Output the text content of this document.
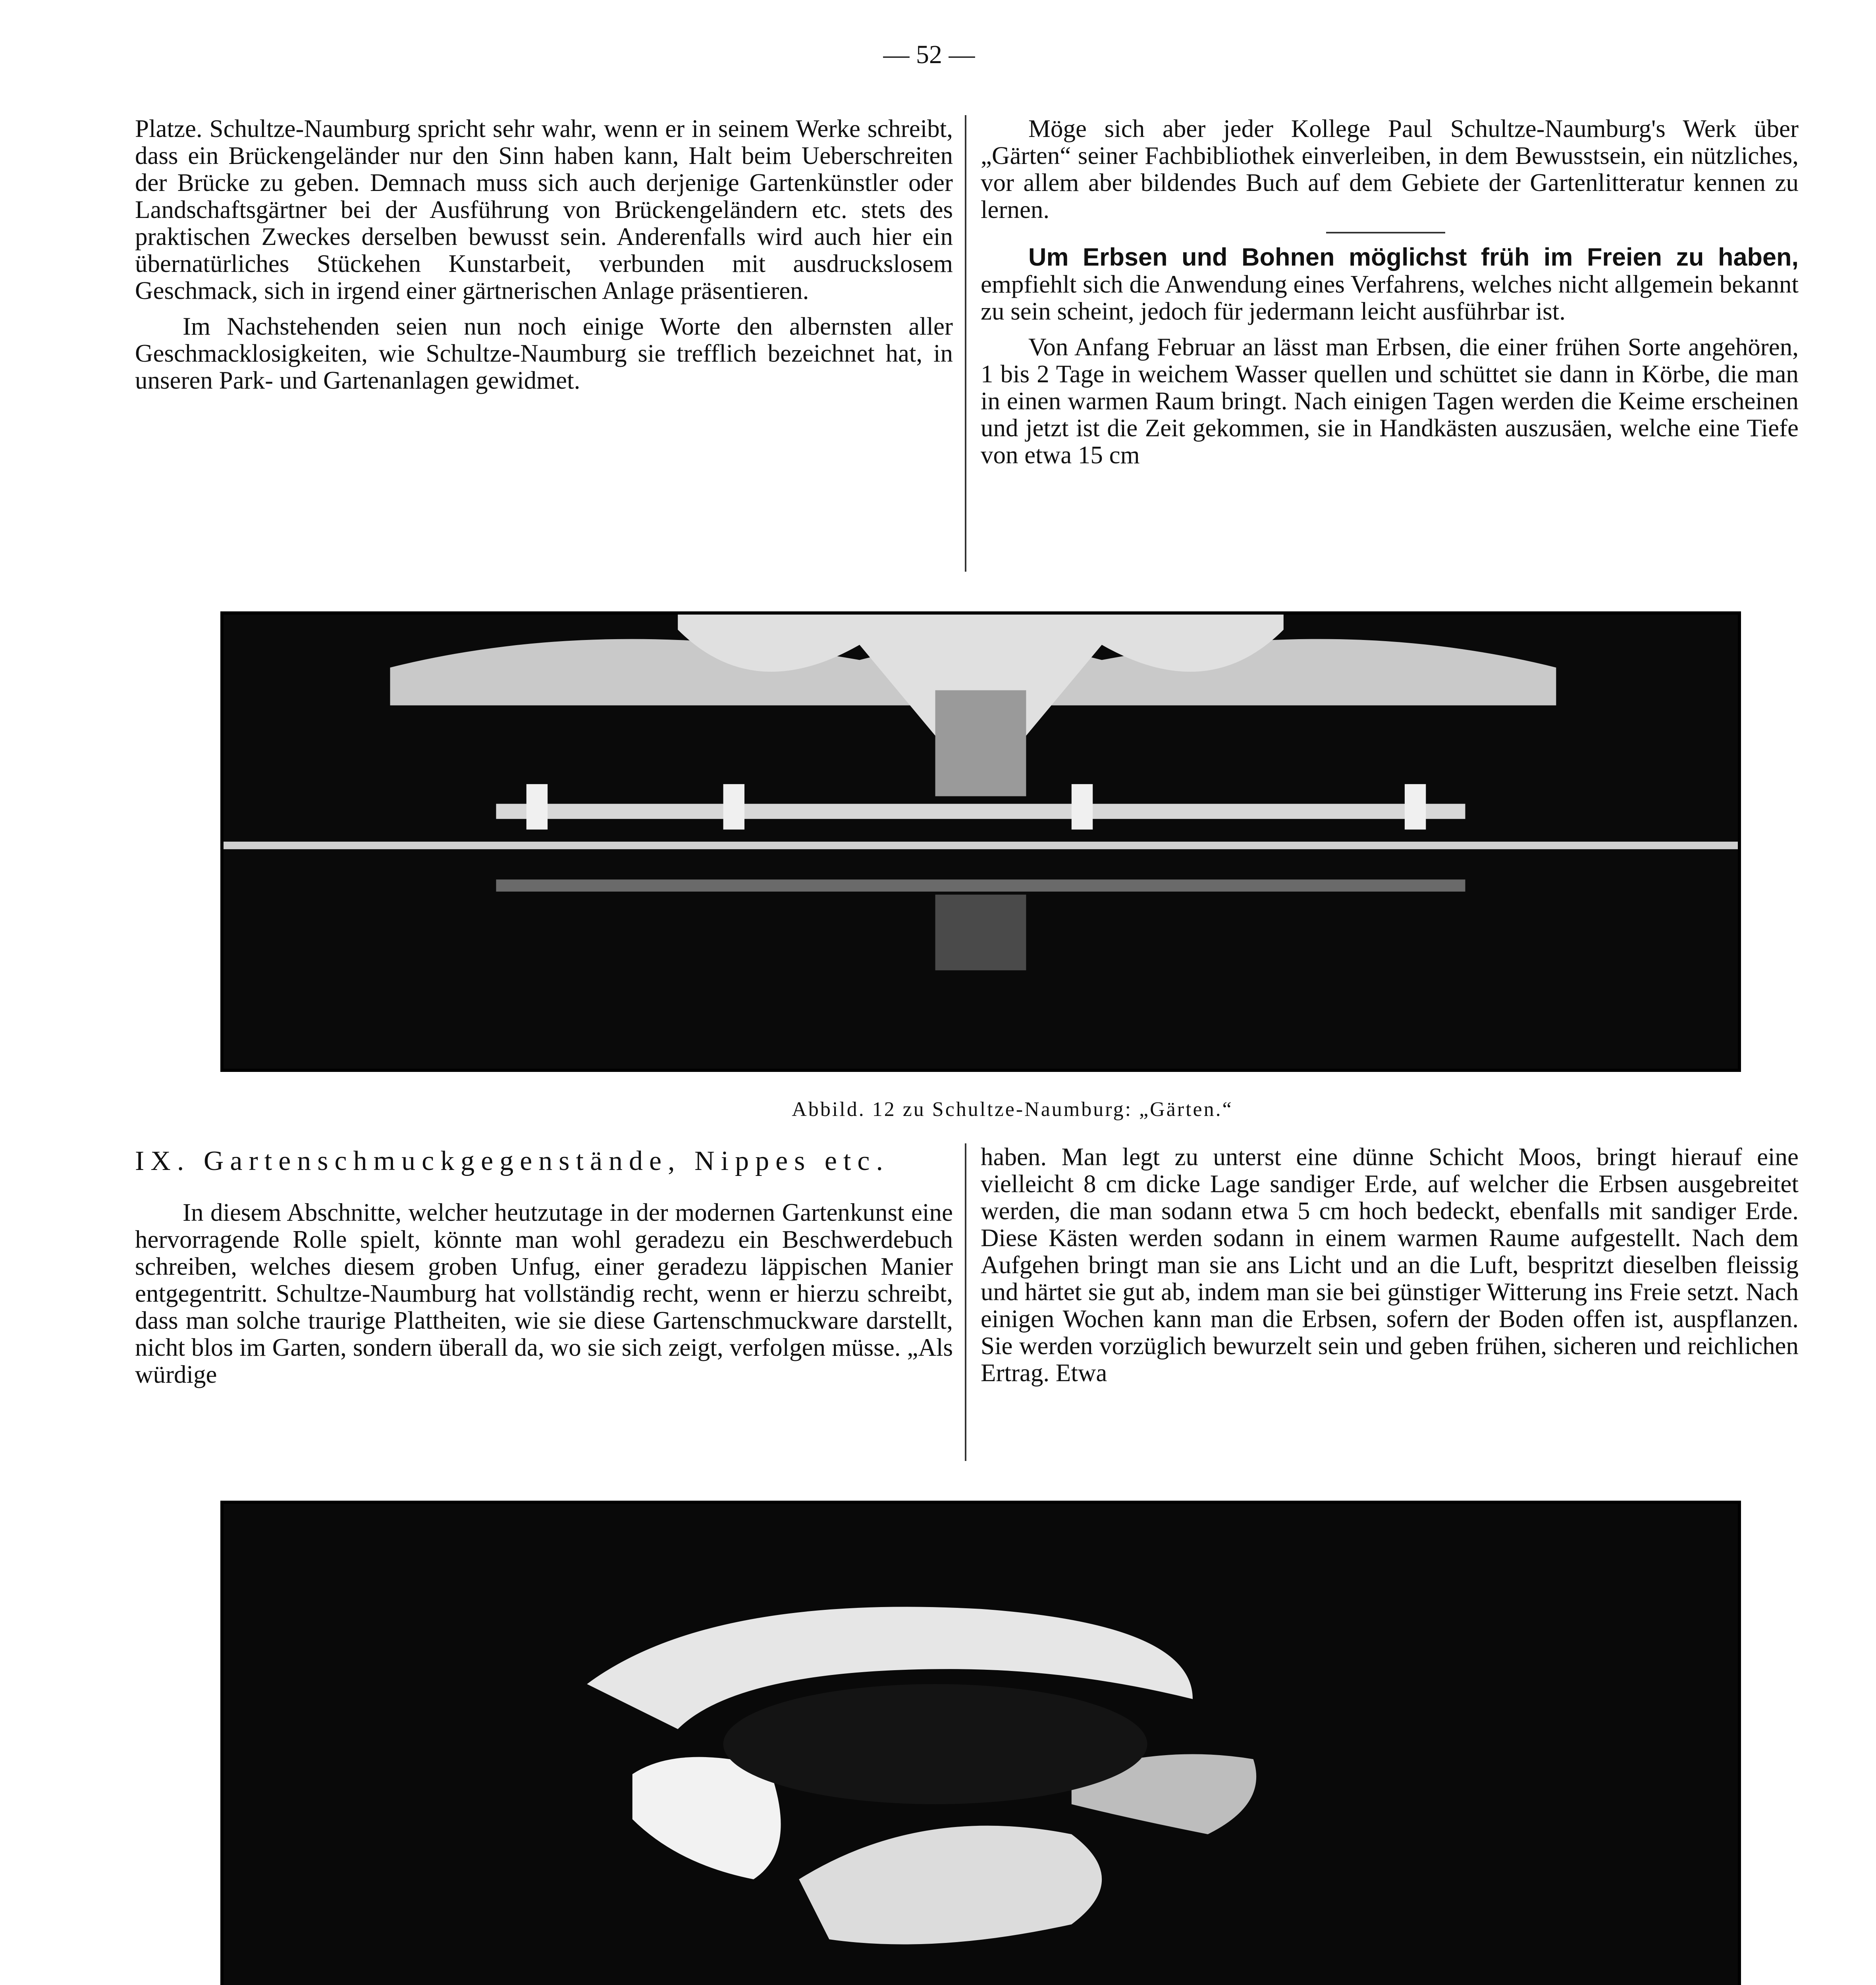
— 52 —

Platze. Schultze-Naumburg spricht sehr wahr, wenn er in seinem Werke schreibt, dass ein Brückengeländer nur den Sinn haben kann, Halt beim Ueberschreiten der Brücke zu geben. Demnach muss sich auch derjenige Gartenkünstler oder Landschaftsgärtner bei der Ausführung von Brückengeländern etc. stets des praktischen Zweckes derselben bewusst sein. Anderenfalls wird auch hier ein übernatürliches Stückehen Kunstarbeit, verbunden mit ausdruckslosem Geschmack, sich in irgend einer gärtnerischen Anlage präsentieren.

Im Nachstehenden seien nun noch einige Worte den albernsten aller Geschmacklosigkeiten, wie Schultze-Naumburg sie trefflich bezeichnet hat, in unseren Park- und Gartenanlagen gewidmet.

Möge sich aber jeder Kollege Paul Schultze-Naumburg's Werk über „Gärten“ seiner Fachbibliothek einverleiben, in dem Bewusstsein, ein nützliches, vor allem aber bildendes Buch auf dem Gebiete der Gartenlitteratur kennen zu lernen.

Um Erbsen und Bohnen möglichst früh im Freien zu haben, empfiehlt sich die Anwendung eines Verfahrens, welches nicht allgemein bekannt zu sein scheint, jedoch für jedermann leicht ausführbar ist.

Von Anfang Februar an lässt man Erbsen, die einer frühen Sorte angehören, 1 bis 2 Tage in weichem Wasser quellen und schüttet sie dann in Körbe, die man in einen warmen Raum bringt. Nach einigen Tagen werden die Keime erscheinen und jetzt ist die Zeit gekommen, sie in Handkästen auszusäen, welche eine Tiefe von etwa 15 cm

Abbild. 12 zu Schultze-Naumburg: „Gärten.“
IX. Gartenschmuckgegenstände, Nippes etc.

In diesem Abschnitte, welcher heutzutage in der modernen Gartenkunst eine hervorragende Rolle spielt, könnte man wohl geradezu ein Beschwerdebuch schreiben, welches diesem groben Unfug, einer geradezu läppischen Manier entgegentritt. Schultze-Naumburg hat vollständig recht, wenn er hierzu schreibt, dass man solche traurige Plattheiten, wie sie diese Gartenschmuckware darstellt, nicht blos im Garten, sondern überall da, wo sie sich zeigt, verfolgen müsse. „Als würdige

haben. Man legt zu unterst eine dünne Schicht Moos, bringt hierauf eine vielleicht 8 cm dicke Lage sandiger Erde, auf welcher die Erbsen ausgebreitet werden, die man sodann etwa 5 cm hoch bedeckt, ebenfalls mit sandiger Erde. Diese Kästen werden sodann in einem warmen Raume aufgestellt. Nach dem Aufgehen bringt man sie ans Licht und an die Luft, bespritzt dieselben fleissig und härtet sie gut ab, indem man sie bei günstiger Witterung ins Freie setzt. Nach einigen Wochen kann man die Erbsen, sofern der Boden offen ist, auspflanzen. Sie werden vorzüglich bewurzelt sein und geben frühen, sicheren und reichlichen Ertrag. Etwa
